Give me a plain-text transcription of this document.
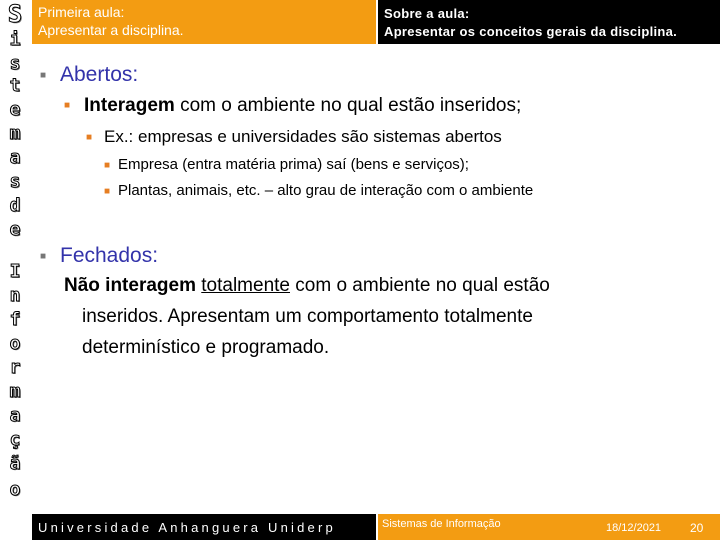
Primeira aula:
Apresentar a disciplina.
Sobre a aula:
Apresentar os conceitos gerais da disciplina.
S
i
s
t
e
m
a
s
d
e
I
n
f
o
r
m
a
ç
ã
o
■ Abertos:
■ Interagem com o ambiente no qual estão inseridos;
■ Ex.: empresas e universidades são sistemas abertos
■ Empresa (entra matéria prima) saí (bens e serviços);
■ Plantas, animais, etc. – alto grau de interação com o ambiente
■ Fechados:
Não interagem totalmente com o ambiente no qual estão
inseridos. Apresentam um comportamento totalmente
determinístico e programado.
Universidade Anhanguera Uniderp	Sistemas de Informação	18/12/2021 20
